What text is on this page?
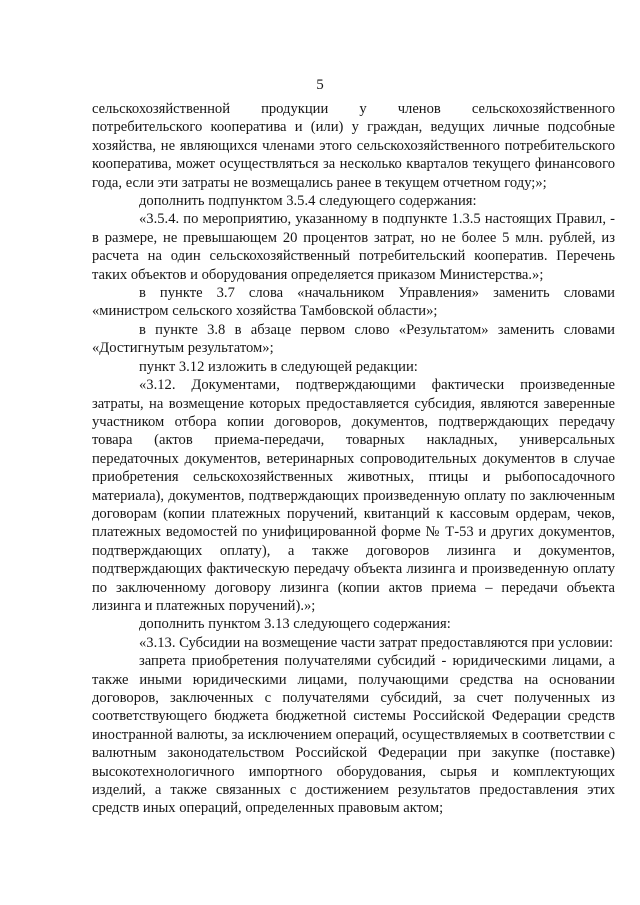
5

сельскохозяйственной продукции у членов сельскохозяйственного потребительского кооператива и (или) у граждан, ведущих личные подсобные хозяйства, не являющихся членами этого сельскохозяйственного потребительского кооператива, может осуществляться за несколько кварталов текущего финансового года, если эти затраты не возмещались ранее в текущем отчетном году;»;

дополнить подпунктом 3.5.4 следующего содержания:

«3.5.4. по мероприятию, указанному в подпункте 1.3.5 настоящих Правил, - в размере, не превышающем 20 процентов затрат, но не более 5 млн. рублей, из расчета на один сельскохозяйственный потребительский кооператив. Перечень таких объектов и оборудования определяется приказом Министерства.»;

в пункте 3.7 слова «начальником Управления» заменить словами «министром сельского хозяйства Тамбовской области»;

в пункте 3.8 в абзаце первом слово «Результатом» заменить словами «Достигнутым результатом»;

пункт 3.12 изложить в следующей редакции:

«3.12. Документами, подтверждающими фактически произведенные затраты, на возмещение которых предоставляется субсидия, являются заверенные участником отбора копии договоров, документов, подтверждающих передачу товара (актов приема-передачи, товарных накладных, универсальных передаточных документов, ветеринарных сопроводительных документов в случае приобретения сельскохозяйственных животных, птицы и рыбопосадочного материала), документов, подтверждающих произведенную оплату по заключенным договорам (копии платежных поручений, квитанций к кассовым ордерам, чеков, платежных ведомостей по унифицированной форме № Т-53 и других документов, подтверждающих оплату), а также договоров лизинга и документов, подтверждающих фактическую передачу объекта лизинга и произведенную оплату по заключенному договору лизинга (копии актов приема – передачи объекта лизинга и платежных поручений).»;

дополнить пунктом 3.13 следующего содержания:

«3.13. Субсидии на возмещение части затрат предоставляются при условии:

запрета приобретения получателями субсидий - юридическими лицами, а также иными юридическими лицами, получающими средства на основании договоров, заключенных с получателями субсидий, за счет полученных из соответствующего бюджета бюджетной системы Российской Федерации средств иностранной валюты, за исключением операций, осуществляемых в соответствии с валютным законодательством Российской Федерации при закупке (поставке) высокотехнологичного импортного оборудования, сырья и комплектующих изделий, а также связанных с достижением результатов предоставления этих средств иных операций, определенных правовым актом;
